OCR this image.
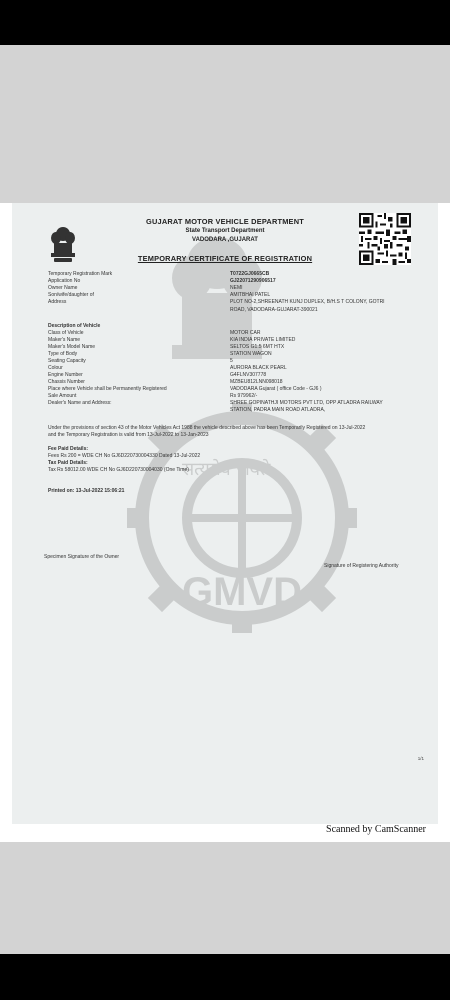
GMVD
सत्यमेव जयते
GUJARAT MOTOR VEHICLE DEPARTMENT
State Transport Department
VADODARA ,GUJARAT
TEMPORARY CERTIFICATE OF REGISTRATION
Temporary Registration Mark	T0722GJ0665CB
Application No	GJ22071290906517
Owner Name	NEMI
Son/wife/daughter of	AMITBHAI PATEL
Address	PLOT NO-2,SHREENATH KUNJ DUPLEX, B/H.S T COLONY, GOTRI
ROAD, VADODARA-GUJARAT-390021
Description of Vehicle
Class of Vehicle	MOTOR CAR
Maker's Name	KIA INDIA PRIVATE LIMITED
Maker's Model Name	SELTOS G1.5 6MT HTX
Type of Body	STATION WAGON
Seating Capacity	5
Colour	AURORA BLACK PEARL
Engine Number	G4FLNV307778
Chassis Number	MZBEU812LNN098018
Place where Vehicle shall be Permanently Registered	VADODARA Gujarat ( office Code - GJ6 )
Sale Amount	Rs 979962/-
Dealer's Name and Address:	SHREE GOPINATHJI MOTORS PVT LTD, OPP ATLADRA RAILWAY
STATION, PADRA MAIN ROAD ATLADRA,
Under the provisions of section 43 of the Motor Vehicles Act 1988 the vehicle described above has been Temporarily Registered on 13-Jul-2022
and the Temporary Registration is valid from 13-Jul-2022 to 13-Jan-2023
Fee Paid Details:
Fees Rs 200 = WDE CH No GJ6D220730004330 Dated 13-Jul-2022
Tax Paid Details:
Tax Rs 58012.00 WDE CH No GJ6D220730004030 (One Time)
Printed on: 13-Jul-2022 15:06:21
Specimen Signature of the Owner
Signature of Registering Authority
1/1
Scanned by CamScanner
